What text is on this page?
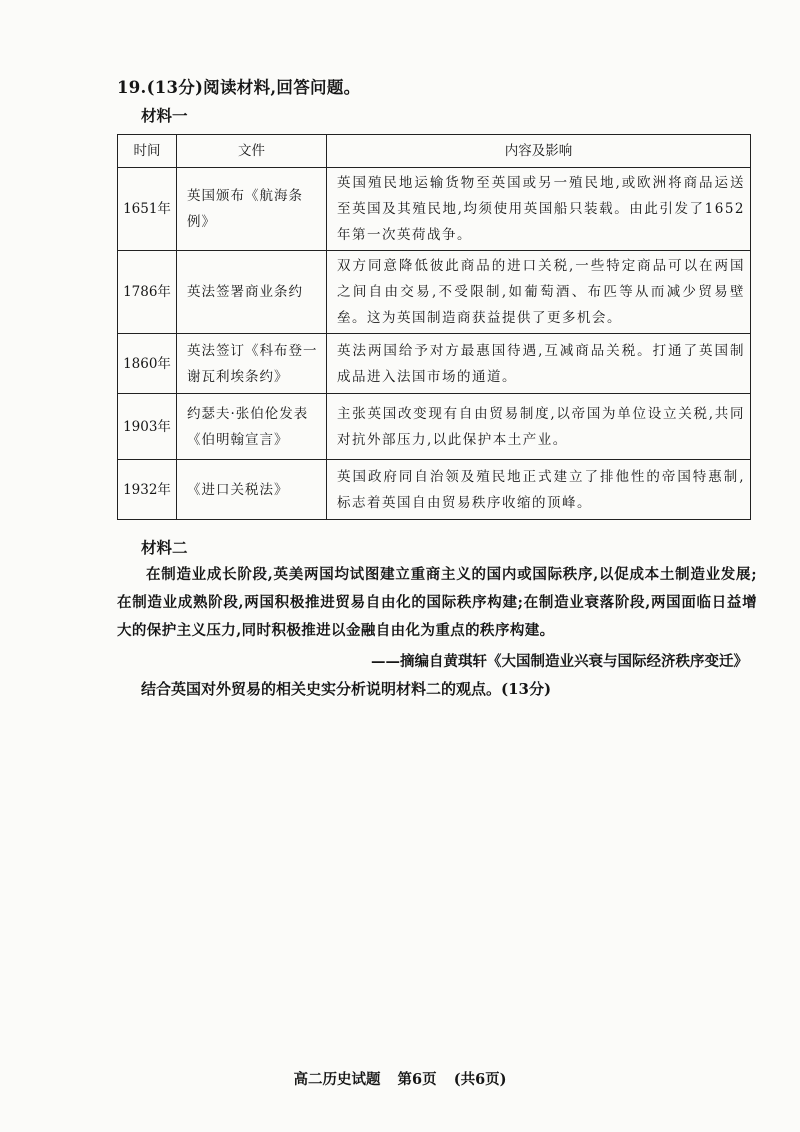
19.(13分)阅读材料,回答问题。
材料一
时间	文件	内容及影响
1651年	英国颁布《航海条例》	英国殖民地运输货物至英国或另一殖民地,或欧洲将商品运送至英国及其殖民地,均须使用英国船只装载。由此引发了1652年第一次英荷战争。
1786年	英法签署商业条约	双方同意降低彼此商品的进口关税,一些特定商品可以在两国之间自由交易,不受限制,如葡萄酒、布匹等从而减少贸易壁垒。这为英国制造商获益提供了更多机会。
1860年	英法签订《科布登一谢瓦利埃条约》	英法两国给予对方最惠国待遇,互减商品关税。打通了英国制成品进入法国市场的通道。
1903年	约瑟夫·张伯伦发表《伯明翰宣言》	主张英国改变现有自由贸易制度,以帝国为单位设立关税,共同对抗外部压力,以此保护本土产业。
1932年	《进口关税法》	英国政府同自治领及殖民地正式建立了排他性的帝国特惠制,标志着英国自由贸易秩序收缩的顶峰。
材料二
在制造业成长阶段,英美两国均试图建立重商主义的国内或国际秩序,以促成本土制造业发展;在制造业成熟阶段,两国积极推进贸易自由化的国际秩序构建;在制造业衰落阶段,两国面临日益增大的保护主义压力,同时积极推进以金融自由化为重点的秩序构建。
——摘编自黄琪轩《大国制造业兴衰与国际经济秩序变迁》
结合英国对外贸易的相关史实分析说明材料二的观点。(13分)
高二历史试题 第6页 (共6页)
